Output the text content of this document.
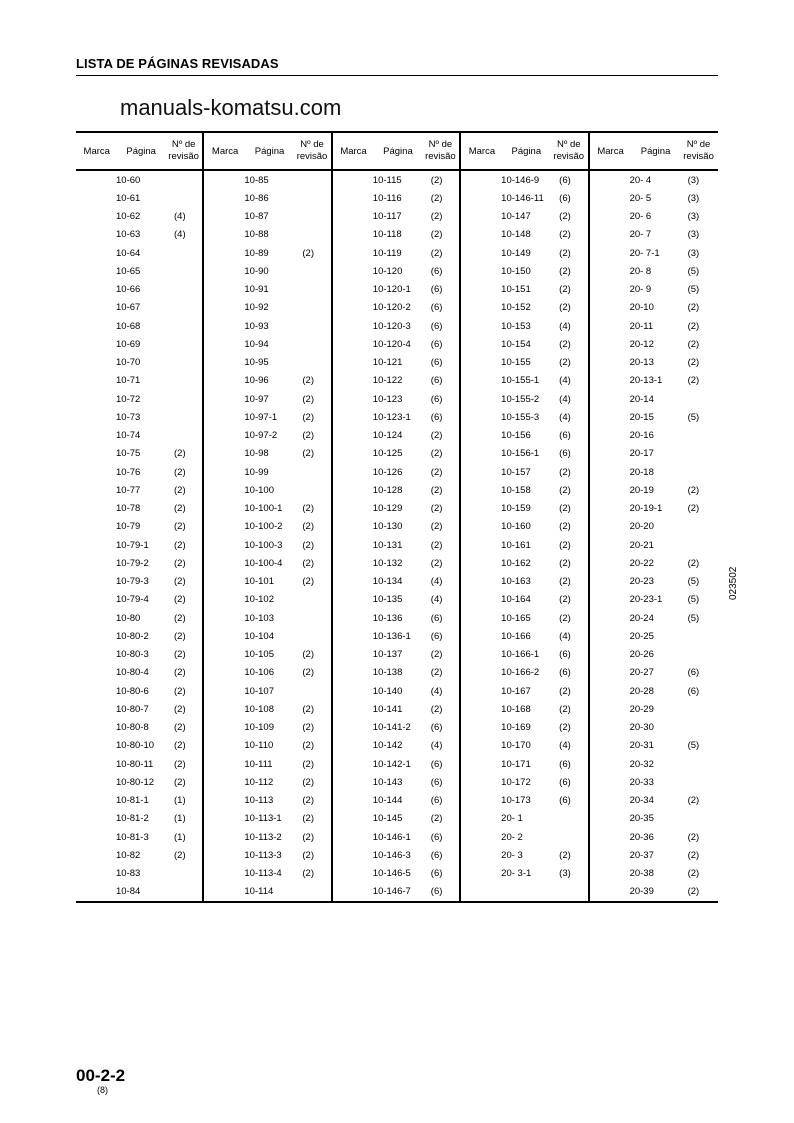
LISTA DE PÁGINAS REVISADAS
manuals-komatsu.com
Marca	Página
Nº de
revisão
10-60
10-61
10-62	(4)
10-63	(4)
10-64
10-65
10-66
10-67
10-68
10-69
10-70
10-71
10-72
10-73
10-74
10-75	(2)
10-76	(2)
10-77	(2)
10-78	(2)
10-79	(2)
10-79-1	(2)
10-79-2	(2)
10-79-3	(2)
10-79-4	(2)
10-80	(2)
10-80-2	(2)
10-80-3	(2)
10-80-4	(2)
10-80-6	(2)
10-80-7	(2)
10-80-8	(2)
10-80-10	(2)
10-80-11	(2)
10-80-12	(2)
10-81-1	(1)
10-81-2	(1)
10-81-3	(1)
10-82	(2)
10-83
10-84
Marca	Página
Nº de
revisão
10-85
10-86
10-87
10-88
10-89	(2)
10-90
10-91
10-92
10-93
10-94
10-95
10-96	(2)
10-97	(2)
10-97-1	(2)
10-97-2	(2)
10-98	(2)
10-99
10-100
10-100-1	(2)
10-100-2	(2)
10-100-3	(2)
10-100-4	(2)
10-101	(2)
10-102
10-103
10-104
10-105	(2)
10-106	(2)
10-107
10-108	(2)
10-109	(2)
10-110	(2)
10-111	(2)
10-112	(2)
10-113	(2)
10-113-1	(2)
10-113-2	(2)
10-113-3	(2)
10-113-4	(2)
10-114
Marca	Página
Nº de
revisão
10-115	(2)
10-116	(2)
10-117	(2)
10-118	(2)
10-119	(2)
10-120	(6)
10-120-1	(6)
10-120-2	(6)
10-120-3	(6)
10-120-4	(6)
10-121	(6)
10-122	(6)
10-123	(6)
10-123-1	(6)
10-124	(2)
10-125	(2)
10-126	(2)
10-128	(2)
10-129	(2)
10-130	(2)
10-131	(2)
10-132	(2)
10-134	(4)
10-135	(4)
10-136	(6)
10-136-1	(6)
10-137	(2)
10-138	(2)
10-140	(4)
10-141	(2)
10-141-2	(6)
10-142	(4)
10-142-1	(6)
10-143	(6)
10-144	(6)
10-145	(2)
10-146-1	(6)
10-146-3	(6)
10-146-5	(6)
10-146-7	(6)
Marca	Página
Nº de
revisão
10-146-9	(6)
10-146-11	(6)
10-147	(2)
10-148	(2)
10-149	(2)
10-150	(2)
10-151	(2)
10-152	(2)
10-153	(4)
10-154	(2)
10-155	(2)
10-155-1	(4)
10-155-2	(4)
10-155-3	(4)
10-156	(6)
10-156-1	(6)
10-157	(2)
10-158	(2)
10-159	(2)
10-160	(2)
10-161	(2)
10-162	(2)
10-163	(2)
10-164	(2)
10-165	(2)
10-166	(4)
10-166-1	(6)
10-166-2	(6)
10-167	(2)
10-168	(2)
10-169	(2)
10-170	(4)
10-171	(6)
10-172	(6)
10-173	(6)
20- 1
20- 2
20- 3	(2)
20- 3-1	(3)
Marca	Página
Nº de
revisão
20- 4	(3)
20- 5	(3)
20- 6	(3)
20- 7	(3)
20- 7-1	(3)
20- 8	(5)
20- 9	(5)
20-10	(2)
20-11	(2)
20-12	(2)
20-13	(2)
20-13-1	(2)
20-14
20-15	(5)
20-16
20-17
20-18
20-19	(2)
20-19-1	(2)
20-20
20-21
20-22	(2)
20-23	(5)
20-23-1	(5)
20-24	(5)
20-25
20-26
20-27	(6)
20-28	(6)
20-29
20-30
20-31	(5)
20-32
20-33
20-34	(2)
20-35
20-36	(2)
20-37	(2)
20-38	(2)
20-39	(2)
023502
00-2-2
(8)
